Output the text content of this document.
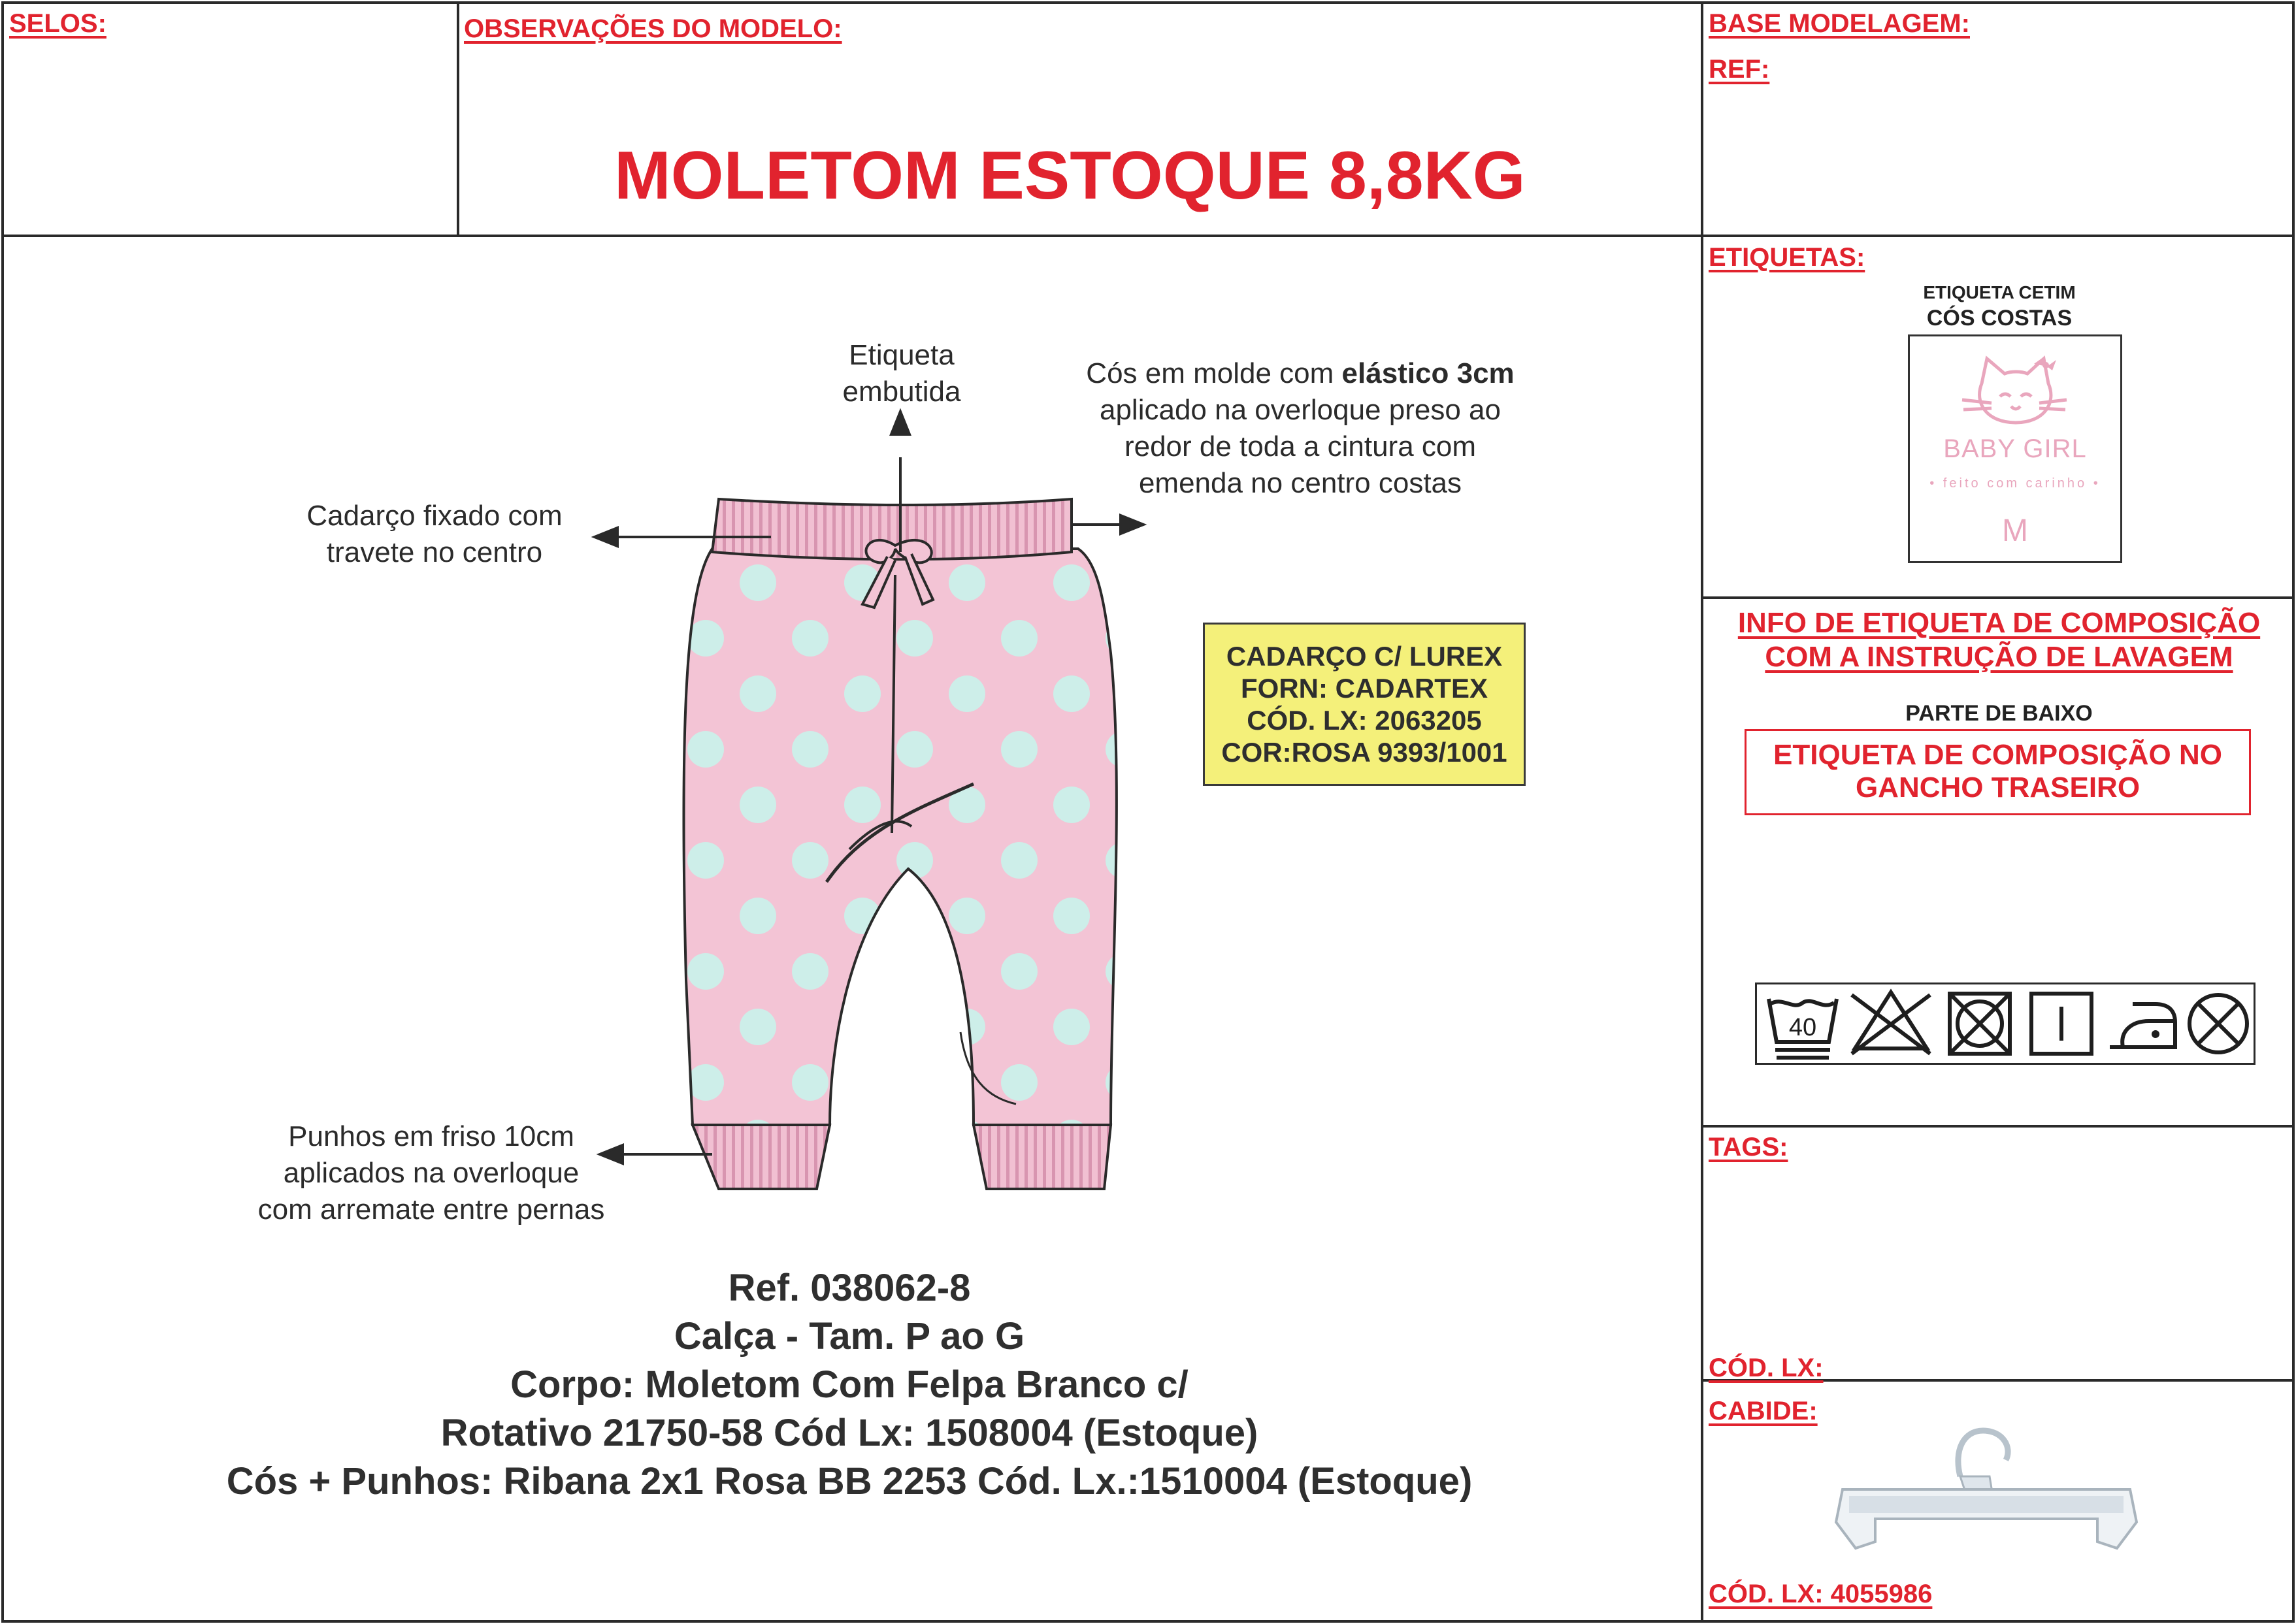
SELOS:	OBSERVAÇÕES DO MODELO:
MOLETOM ESTOQUE 8,8KG
BASE MODELAGEM:
REF:
Etiqueta
embutida
Cós em molde com elástico 3cm
aplicado na overloque preso ao
redor de toda a cintura com
emenda no centro costas
Cadarço fixado com
travete no centro
Punhos em friso 10cm
aplicados na overloque
com arremate entre pernas
CADARÇO C/ LUREX
FORN: CADARTEX
CÓD. LX: 2063205
COR:ROSA 9393/1001
Ref. 038062-8
Calça - Tam. P ao G
Corpo: Moletom Com Felpa Branco c/
Rotativo 21750-58 Cód Lx: 1508004 (Estoque)
Cós + Punhos: Ribana 2x1 Rosa BB 2253 Cód. Lx.:1510004 (Estoque)
ETIQUETAS:
ETIQUETA CETIM
CÓS COSTAS
BABY GIRL
• feito com carinho •
M
INFO DE ETIQUETA DE COMPOSIÇÃO
COM A INSTRUÇÃO DE LAVAGEM
PARTE DE BAIXO
ETIQUETA DE COMPOSIÇÃO NO
GANCHO TRASEIRO
40
TAGS:
CÓD. LX:
CABIDE:
CÓD. LX: 4055986
